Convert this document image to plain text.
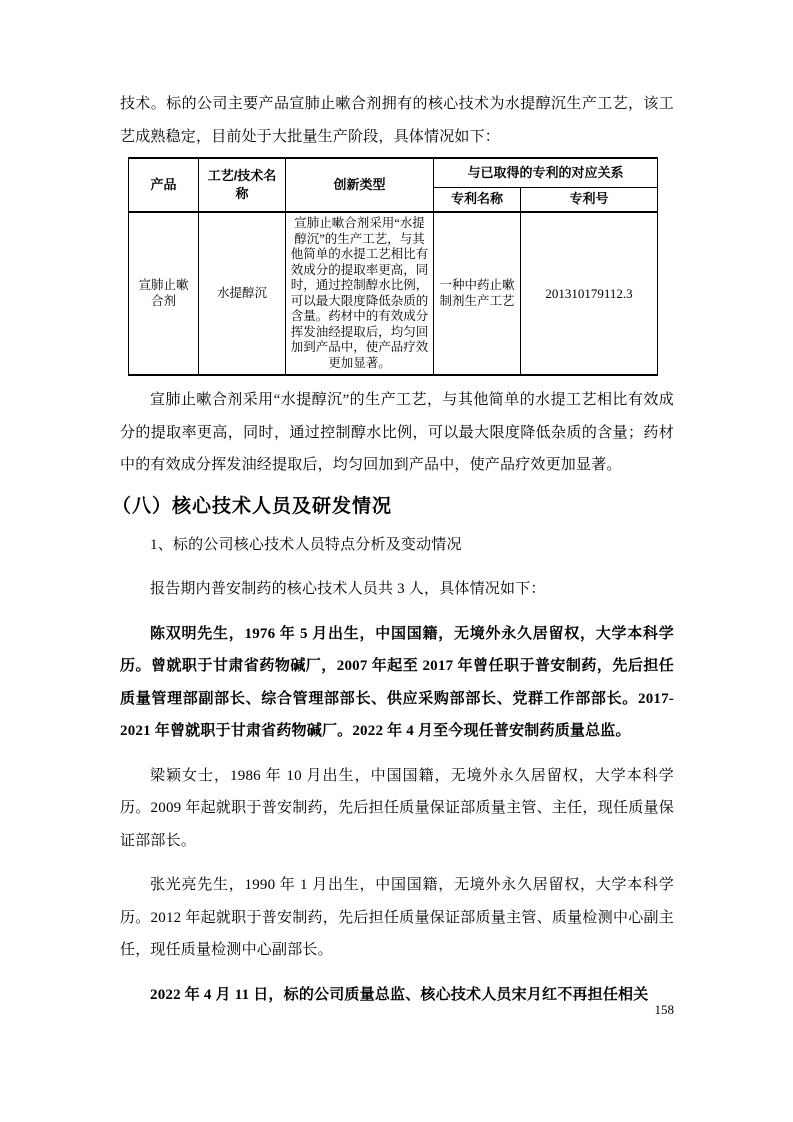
技术。标的公司主要产品宣肺止嗽合剂拥有的核心技术为水提醇沉生产工艺，该工艺成熟稳定，目前处于大批量生产阶段，具体情况如下：

产品	工艺/技术名称	创新类型	与已取得的专利的对应关系	
			专利名称	专利号
宣肺止嗽合剂	水提醇沉	宣肺止嗽合剂采用“水提醇沉”的生产工艺，与其他简单的水提工艺相比有效成分的提取率更高，同时，通过控制醇水比例，可以最大限度降低杂质的含量。药材中的有效成分挥发油经提取后，均匀回加到产品中，使产品疗效更加显著。	一种中药止嗽制剂生产工艺	201310179112.3

宣肺止嗽合剂采用“水提醇沉”的生产工艺，与其他简单的水提工艺相比有效成分的提取率更高，同时，通过控制醇水比例，可以最大限度降低杂质的含量；药材中的有效成分挥发油经提取后，均匀回加到产品中，使产品疗效更加显著。

（八）核心技术人员及研发情况

1、标的公司核心技术人员特点分析及变动情况

报告期内普安制药的核心技术人员共 3 人，具体情况如下：

陈双明先生，1976 年 5 月出生，中国国籍，无境外永久居留权，大学本科学历。曾就职于甘肃省药物碱厂，2007 年起至 2017 年曾任职于普安制药，先后担任质量管理部副部长、综合管理部部长、供应采购部部长、党群工作部部长。2017-2021 年曾就职于甘肃省药物碱厂。2022 年 4 月至今现任普安制药质量总监。

梁颖女士，1986 年 10 月出生，中国国籍，无境外永久居留权，大学本科学历。2009 年起就职于普安制药，先后担任质量保证部质量主管、主任，现任质量保证部部长。

张光亮先生，1990 年 1 月出生，中国国籍，无境外永久居留权，大学本科学历。2012 年起就职于普安制药，先后担任质量保证部质量主管、质量检测中心副主任，现任质量检测中心副部长。

2022 年 4 月 11 日，标的公司质量总监、核心技术人员宋月红不再担任相关

158
